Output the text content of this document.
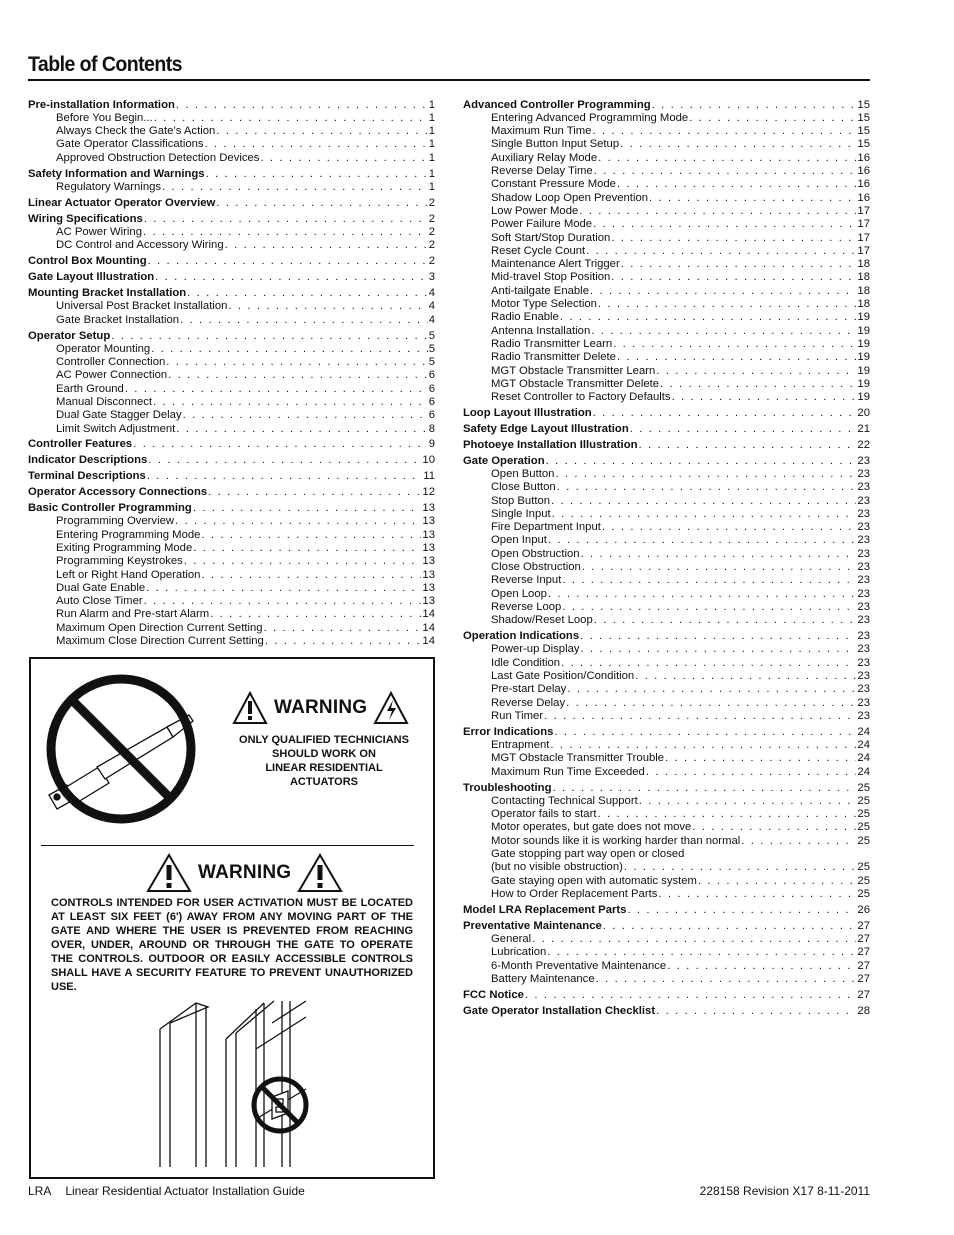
Table of Contents
Pre-installation Information . . .	1
Before You Begin... . . .	1
Always Check the Gate’s Action . . .	1
Gate Operator Classifications . . .	1
Approved Obstruction Detection Devices . . .	1
Safety Information and Warnings . . .	1
Regulatory Warnings . . .	1
Linear Actuator Operator Overview . . .	2
Wiring Specifications . . .	2
AC Power Wiring . . .	2
DC Control and Accessory Wiring . . .	2
Control Box Mounting . . .	2
Gate Layout Illustration . . .	3
Mounting Bracket Installation . . .	4
Universal Post Bracket Installation . . .	4
Gate Bracket Installation . . .	4
Operator Setup . . .	5
Operator Mounting . . .	5
Controller Connection . . .	5
AC Power Connection . . .	6
Earth Ground . . .	6
Manual Disconnect . . .	6
Dual Gate Stagger Delay . . .	6
Limit Switch Adjustment . . .	8
Controller Features . . .	9
Indicator Descriptions . . .	10
Terminal Descriptions . . .	11
Operator Accessory Connections . . .	12
Basic Controller Programming . . .	13
Programming Overview . . .	13
Entering Programming Mode . . .	13
Exiting Programming Mode . . .	13
Programming Keystrokes . . .	13
Left or Right Hand Operation . . .	13
Dual Gate Enable . . .	13
Auto Close Timer . . .	13
Run Alarm and Pre-start Alarm . . .	14
Maximum Open Direction Current Setting . . .	14
Maximum Close Direction Current Setting . . .	14
Advanced Controller Programming . . .	15
Entering Advanced Programming Mode . . .	15
Maximum Run Time . . .	15
Single Button Input Setup . . .	15
Auxiliary Relay Mode . . .	16
Reverse Delay Time . . .	16
Constant Pressure Mode . . .	16
Shadow Loop Open Prevention . . .	16
Low Power Mode . . .	17
Power Failure Mode . . .	17
Soft Start/Stop Duration . . .	17
Reset Cycle Count . . .	17
Maintenance Alert Trigger . . .	18
Mid-travel Stop Position . . .	18
Anti-tailgate Enable . . .	18
Motor Type Selection . . .	18
Radio Enable . . .	19
Antenna Installation . . .	19
Radio Transmitter Learn . . .	19
Radio Transmitter Delete . . .	19
MGT Obstacle Transmitter Learn . . .	19
MGT Obstacle Transmitter Delete . . .	19
Reset Controller to Factory Defaults . . .	19
Loop Layout Illustration . . .	20
Safety Edge Layout Illustration . . .	21
Photoeye Installation Illustration . . .	22
Gate Operation . . .	23
Open Button . . .	23
Close Button . . .	23
Stop Button . . .	23
Single Input . . .	23
Fire Department Input . . .	23
Open Input . . .	23
Open Obstruction . . .	23
Close Obstruction . . .	23
Reverse Input . . .	23
Open Loop . . .	23
Reverse Loop . . .	23
Shadow/Reset Loop . . .	23
Operation Indications . . .	23
Power-up Display . . .	23
Idle Condition . . .	23
Last Gate Position/Condition . . .	23
Pre-start Delay . . .	23
Reverse Delay . . .	23
Run Timer . . .	23
Error Indications . . .	24
Entrapment . . .	24
MGT Obstacle Transmitter Trouble . . .	24
Maximum Run Time Exceeded . . .	24
Troubleshooting . . .	25
Contacting Technical Support . . .	25
Operator fails to start . . .	25
Motor operates, but gate does not move . . .	25
Motor sounds like it is working harder than normal . . .	25
Gate stopping part way open or closed
(but no visible obstruction) . . .	25
Gate staying open with automatic system . . .	25
How to Order Replacement Parts . . .	25
Model LRA Replacement Parts . . .	26
Preventative Maintenance . . .	27
General . . .	27
Lubrication . . .	27
6-Month Preventative Maintenance . . .	27
Battery Maintenance . . .	27
FCC Notice . . .	27
Gate Operator Installation Checklist . . .	28
WARNING
ONLY QUALIFIED TECHNICIANS
SHOULD WORK ON
LINEAR RESIDENTIAL
ACTUATORS
WARNING
CONTROLS INTENDED FOR USER ACTIVATION MUST BE LOCATED AT LEAST SIX FEET (6') AWAY FROM ANY MOVING PART OF THE GATE AND WHERE THE USER IS PREVENTED FROM REACHING OVER, UNDER, AROUND OR THROUGH THE GATE TO OPERATE THE CONTROLS. OUTDOOR OR EASILY ACCESSIBLE CONTROLS SHALL HAVE A SECURITY FEATURE TO PREVENT UNAUTHORIZED USE.
LRA Linear Residential Actuator Installation Guide	228158 Revision X17 8-11-2011
